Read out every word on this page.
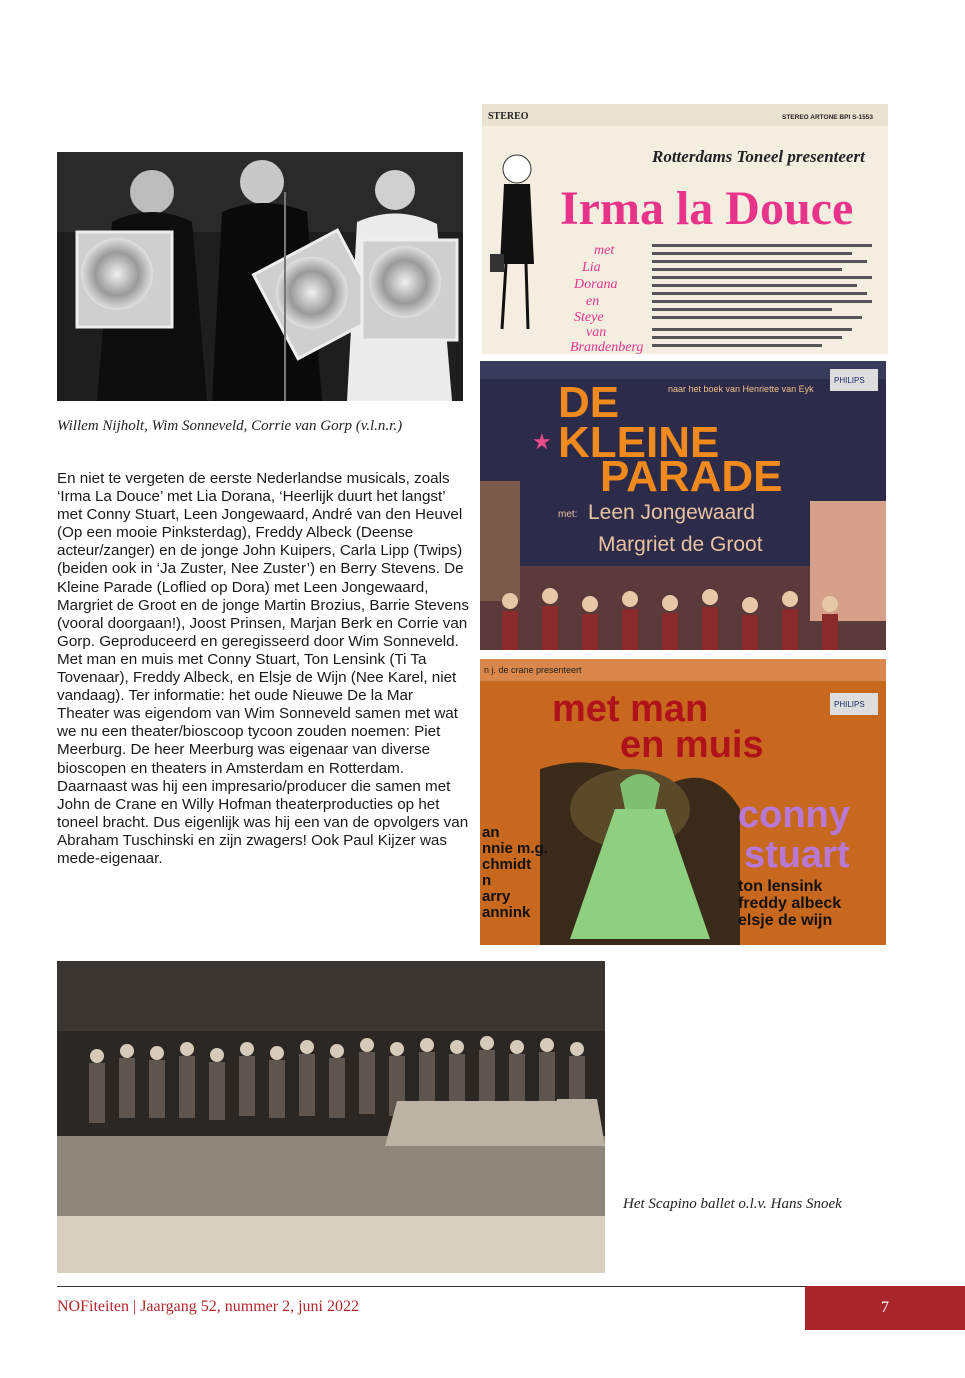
Willem Nijholt, Wim Sonneveld, Corrie van Gorp (v.l.n.r.)

En niet te vergeten de eerste Nederlandse musicals, zoals ‘Irma La Douce’ met Lia Dorana, ‘Heerlijk duurt het langst’ met Conny Stuart, Leen Jongewaard, André van den Heuvel (Op een mooie Pinksterdag), Freddy Albeck (Deense acteur/zanger) en de jonge John Kuipers, Carla Lipp (Twips) (beiden ook in ‘Ja Zuster, Nee Zuster’) en Berry Stevens. De Kleine Parade (Loflied op Dora) met Leen Jongewaard, Margriet de Groot en de jonge Martin Brozius, Barrie Stevens (vooral doorgaan!), Joost Prinsen, Marjan Berk en Corrie van Gorp. Geproduceerd en geregisseerd door Wim Sonneveld. Met man en muis met Conny Stuart, Ton Lensink (Ti Ta Tovenaar), Freddy Albeck, en Elsje de Wijn (Nee Karel, niet vandaag). Ter informatie: het oude Nieuwe De la Mar Theater was eigendom van Wim Sonneveld samen met wat we nu een theater/bioscoop tycoon zouden noemen: Piet Meerburg. De heer Meerburg was eigenaar van diverse bioscopen en theaters in Amsterdam en Rotterdam. Daarnaast was hij een impresario/producer die samen met John de Crane en Willy Hofman theaterproducties op het toneel bracht. Dus eigenlijk was hij een van de opvolgers van Abraham Tuschinski en zijn zwagers! Ook Paul Kijzer was mede-eigenaar.

STEREO	STEREO ARTONE BPI S-1553
Rotterdams Toneel presenteert
Irma la Douce
met
Lia
Dorana
en
Steye
van
Brandenberg
naar het boek van Henriette van Eyk
PHILIPS
DE
KLEINE
PARADE
★
met: Leen Jongewaard
Margriet de Groot
n j. de crane presenteert
PHILIPS
met man
en muis
an
nnie m.g.
chmidt
n
arry
annink
conny
stuart
ton lensink
freddy albeck
elsje de wijn
Het Scapino ballet o.l.v. Hans Snoek
NOFiteiten | Jaargang 52, nummer 2, juni 2022	7
